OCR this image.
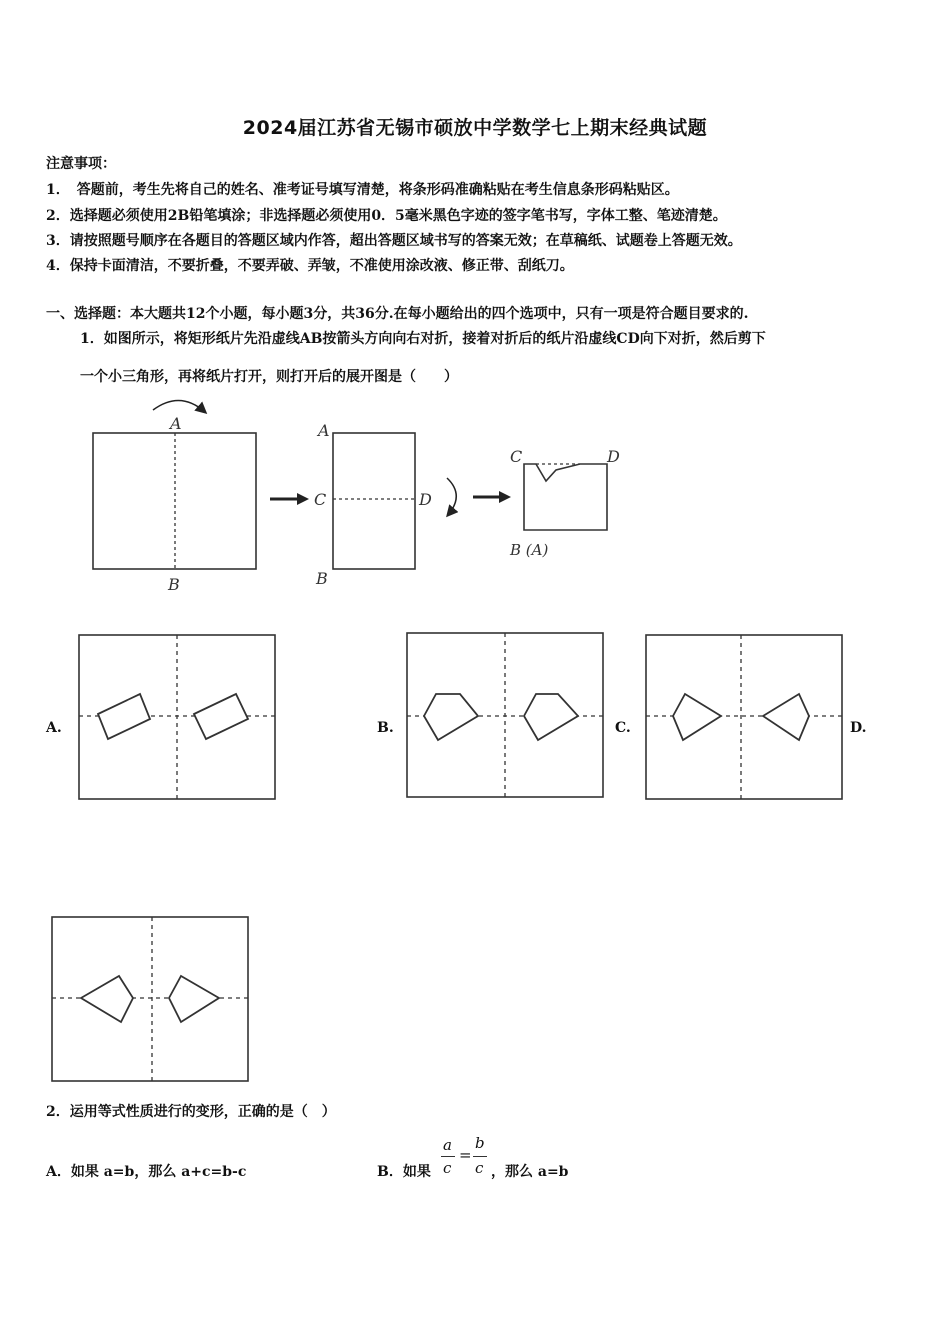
2024届江苏省无锡市硕放中学数学七上期末经典试题
注意事项：
1．　答题前，考生先将自己的姓名、准考证号填写清楚，将条形码准确粘贴在考生信息条形码粘贴区。
2．选择题必须使用2B铅笔填涂；非选择题必须使用0．5毫米黑色字迹的签字笔书写，字体工整、笔迹清楚。
3．请按照题号顺序在各题目的答题区域内作答，超出答题区域书写的答案无效；在草稿纸、试题卷上答题无效。
4．保持卡面清洁，不要折叠，不要弄破、弄皱，不准使用涂改液、修正带、刮纸刀。
一、选择题：本大题共12个小题，每小题3分，共36分.在每小题给出的四个选项中，只有一项是符合题目要求的.
1．如图所示，将矩形纸片先沿虚线AB按箭头方向向右对折，接着对折后的纸片沿虚线CD向下对折，然后剪下
一个小三角形，再将纸片打开，则打开后的展开图是（　　）
A
B
A
C	D
B
C	D
B (A)
A.	B.	C.	D.
2．运用等式性质进行的变形，正确的是（　）
A．如果 a=b，那么 a+c=b-c	B．如果
a
c
=
b
c ，那么 a=b
